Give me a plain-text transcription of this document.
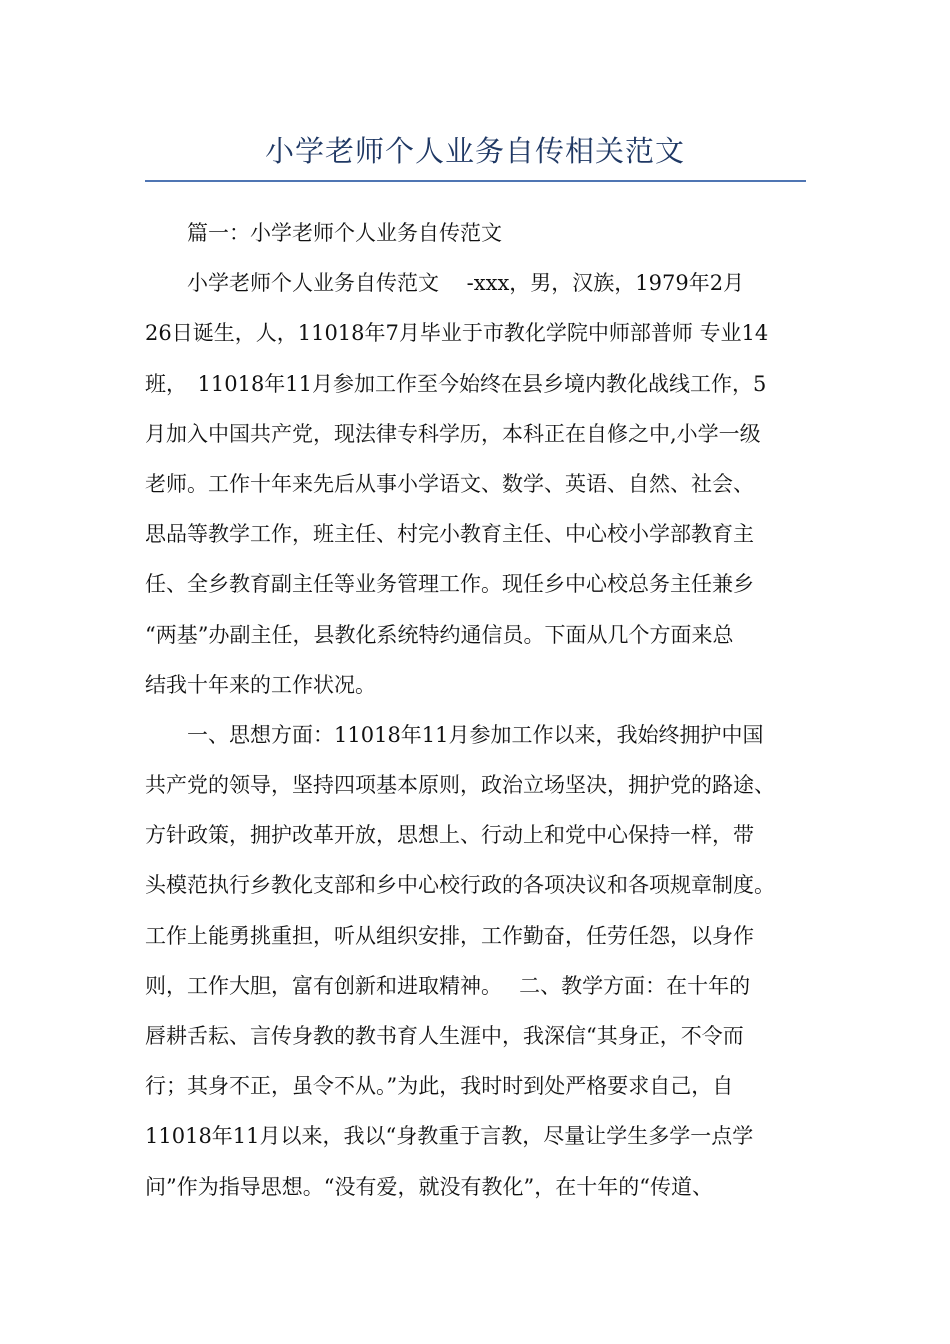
小学老师个人业务自传相关范文
　　篇一：小学老师个人业务自传范文
　　小学老师个人业务自传范文　 -xxx，男，汉族，1979年2月
26日诞生，人，11018年7月毕业于市教化学院中师部普师 专业14
班，　11018年11月参加工作至今始终在县乡境内教化战线工作，5
月加入中国共产党，现法律专科学历，本科正在自修之中,小学一级
老师。工作十年来先后从事小学语文、数学、英语、自然、社会、
思品等教学工作，班主任、村完小教育主任、中心校小学部教育主
任、全乡教育副主任等业务管理工作。现任乡中心校总务主任兼乡
“两基”办副主任，县教化系统特约通信员。下面从几个方面来总
结我十年来的工作状况。
　　一、思想方面：11018年11月参加工作以来，我始终拥护中国
共产党的领导，坚持四项基本原则，政治立场坚决，拥护党的路途、
方针政策，拥护改革开放，思想上、行动上和党中心保持一样，带
头模范执行乡教化支部和乡中心校行政的各项决议和各项规章制度。
工作上能勇挑重担，听从组织安排，工作勤奋，任劳任怨，以身作
则，工作大胆，富有创新和进取精神。　 二、教学方面：在十年的
唇耕舌耘、言传身教的教书育人生涯中，我深信“其身正，不令而
行；其身不正，虽令不从。”为此，我时时到处严格要求自己，自
11018年11月以来，我以“身教重于言教，尽量让学生多学一点学
问”作为指导思想。“没有爱，就没有教化”，在十年的“传道、
